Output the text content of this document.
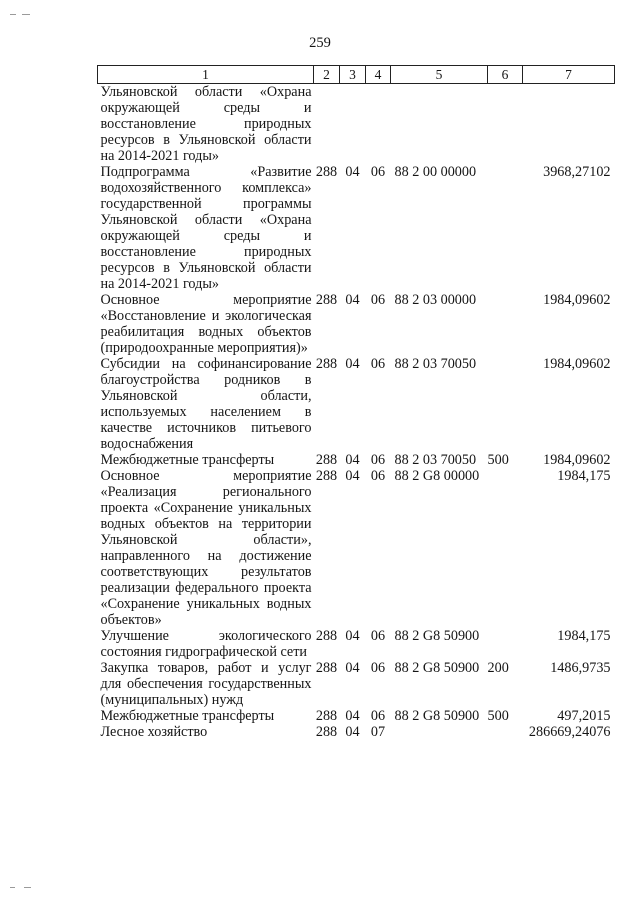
259
1	2	3	4	5	6	7
Ульяновской области «Охрана окружающей среды и восстановление природных ресурсов в Ульяновской области на 2014-2021 годы»						
Подпрограмма «Развитие водохозяйственного комплекса» государственной программы Ульяновской области «Охрана окружающей среды и восстановление природных ресурсов в Ульяновской области на 2014-2021 годы»	288	04	06	88 2 00 00000		3968,27102
Основное мероприятие «Восстановление и экологическая реабилитация водных объектов (природоохранные мероприятия)»	288	04	06	88 2 03 00000		1984,09602
Субсидии на софинансирование благоустройства родников в Ульяновской области, используемых населением в качестве источников питьевого водоснабжения	288	04	06	88 2 03 70050		1984,09602
Межбюджетные трансферты	288	04	06	88 2 03 70050	500	1984,09602
Основное мероприятие «Реализация регионального проекта «Сохранение уникальных водных объектов на территории Ульяновской области», направленного на достижение соответствующих результатов реализации федерального проекта «Сохранение уникальных водных объектов»	288	04	06	88 2 G8 00000		1984,175
Улучшение экологического состояния гидрографической сети	288	04	06	88 2 G8 50900		1984,175
Закупка товаров, работ и услуг для обеспечения государственных (муниципальных) нужд	288	04	06	88 2 G8 50900	200	1486,9735
Межбюджетные трансферты	288	04	06	88 2 G8 50900	500	497,2015
Лесное хозяйство	288	04	07			286669,24076
